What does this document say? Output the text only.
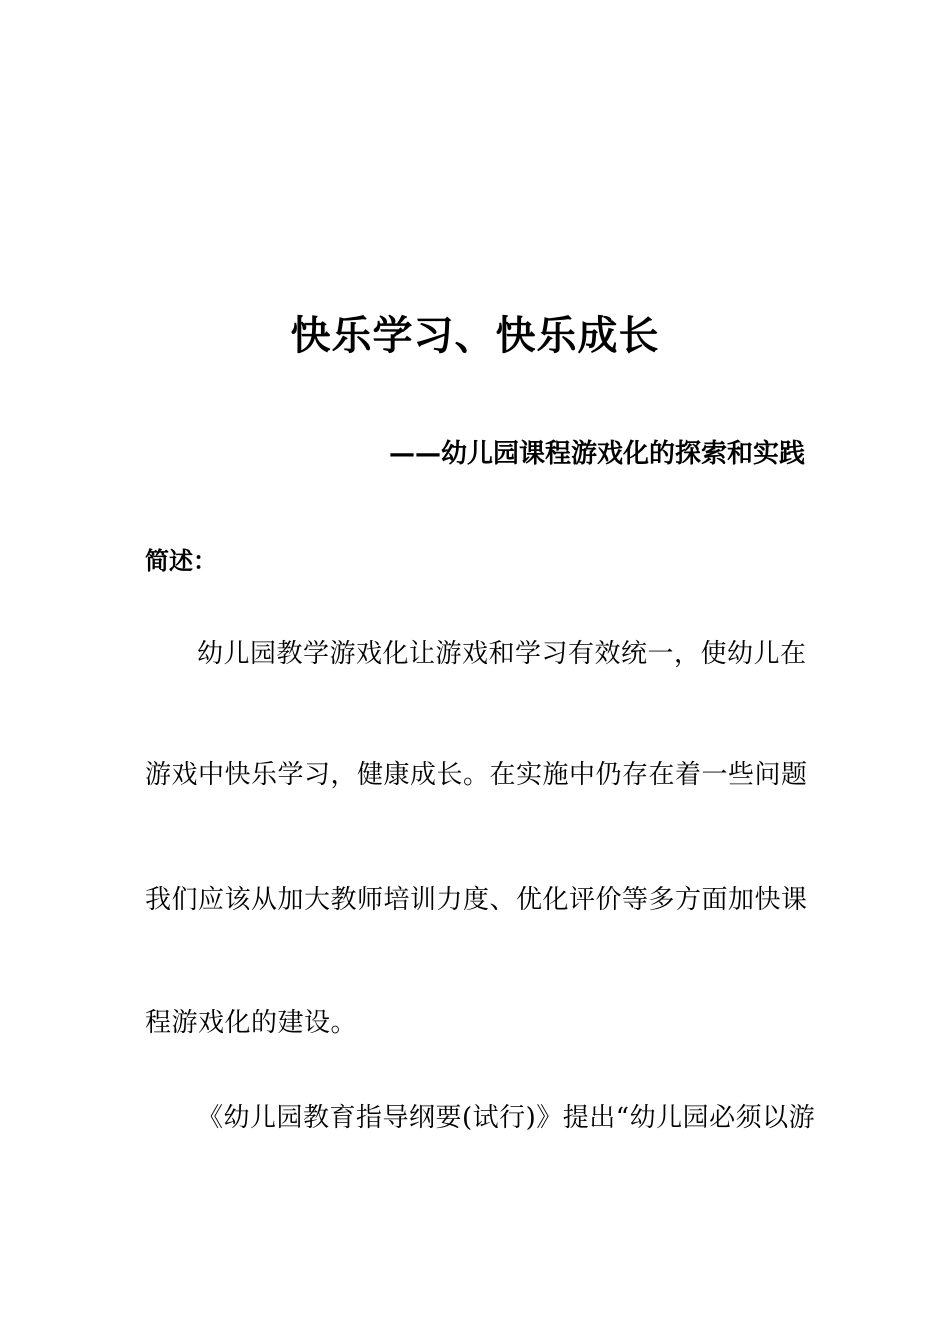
快乐学习、快乐成长
——幼儿园课程游戏化的探索和实践
简述：
幼儿园教学游戏化让游戏和学习有效统一，使幼儿在
游戏中快乐学习，健康成长。在实施中仍存在着一些问题
我们应该从加大教师培训力度、优化评价等多方面加快课
程游戏化的建设。
《幼儿园教育指导纲要(试行)》提出“幼儿园必须以游
